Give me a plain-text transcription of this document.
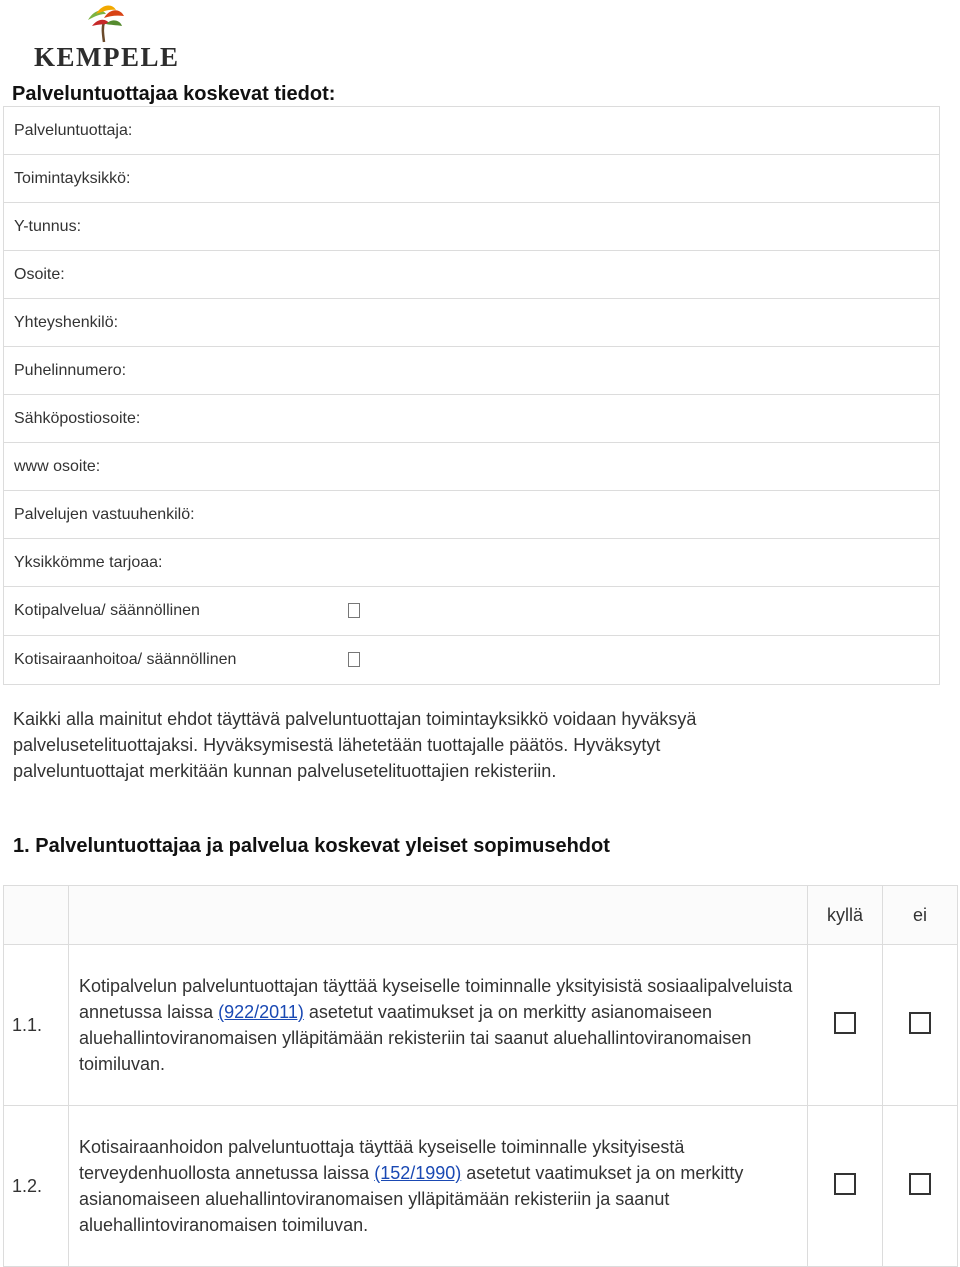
KEMPELE
Palveluntuottajaa koskevat tiedot:
Palveluntuottaja:	
Toimintayksikkö:	
Y-tunnus:	
Osoite:	
Yhteyshenkilö:	
Puhelinnumero:	
Sähköpostiosoite:	
www osoite:	
Palvelujen vastuuhenkilö:	
Yksikkömme tarjoaa:	
Kotipalvelua/ säännöllinen	
Kotisairaanhoitoa/ säännöllinen	
Kaikki alla mainitut ehdot täyttävä palveluntuottajan toimintayksikkö voidaan hyväksyä
palvelusetelituottajaksi. Hyväksymisestä lähetetään tuottajalle päätös. Hyväksytyt
palveluntuottajat merkitään kunnan palvelusetelituottajien rekisteriin.
1. Palveluntuottajaa ja palvelua koskevat yleiset sopimusehdot
		kyllä	ei
1.1.	Kotipalvelun palveluntuottajan täyttää kyseiselle toiminnalle yksityisistä sosiaalipalveluista annetussa laissa (922/2011) asetetut vaatimukset ja on merkitty asianomaiseen aluehallintoviranomaisen ylläpitämään rekisteriin tai saanut aluehallintoviranomaisen toimiluvan.		
1.2.	Kotisairaanhoidon palveluntuottaja täyttää kyseiselle toiminnalle yksityisestä terveydenhuollosta annetussa laissa (152/1990) asetetut vaatimukset ja on merkitty asianomaiseen aluehallintoviranomaisen ylläpitämään rekisteriin ja saanut aluehallintoviranomaisen toimiluvan.		
